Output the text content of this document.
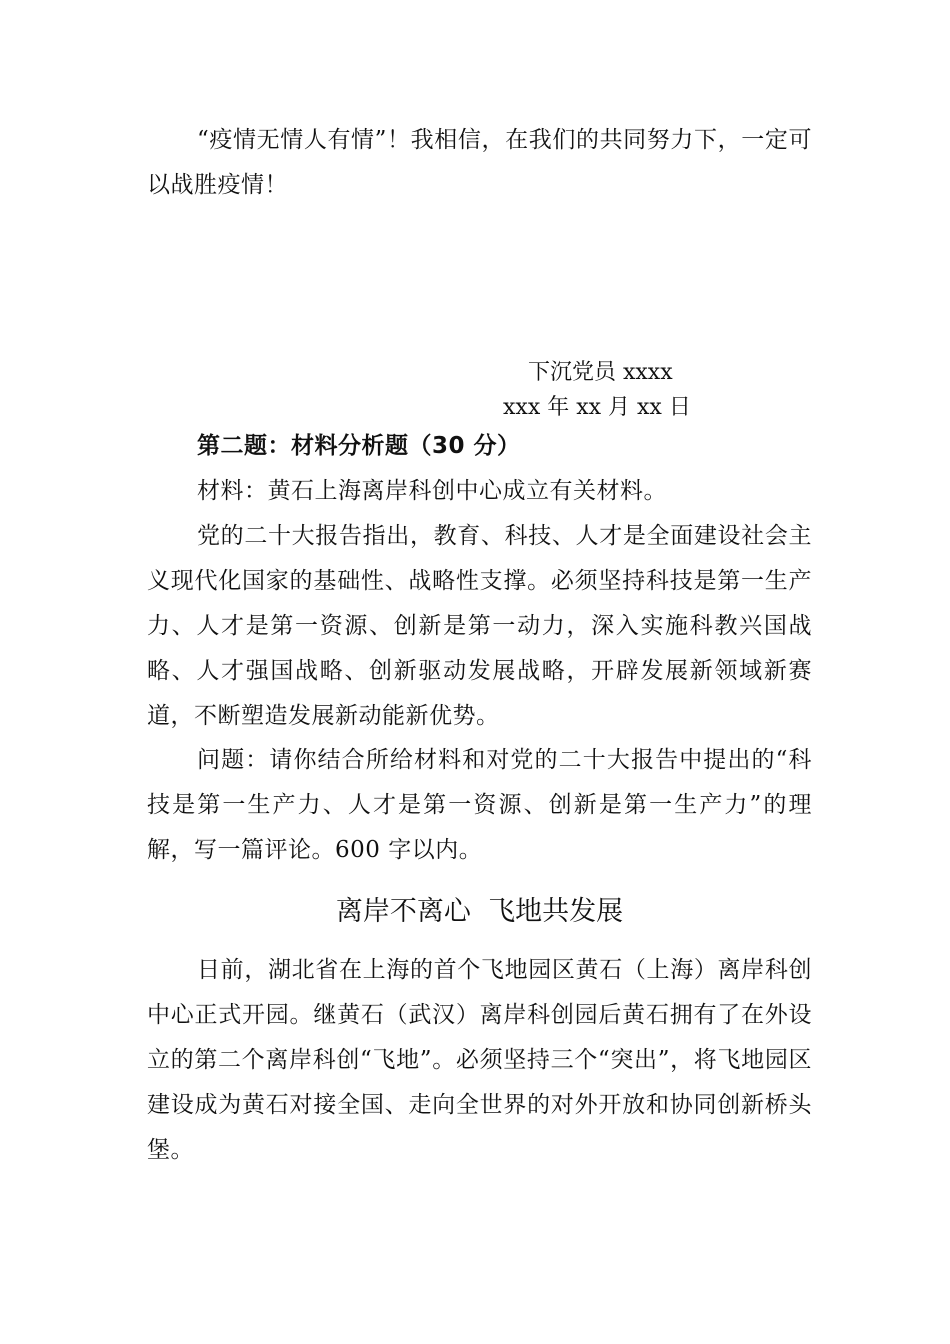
“疫情无情人有情”！我相信，在我们的共同努力下，一定可以战胜疫情！

下沉党员 xxxx
xxx 年 xx 月 xx 日
第二题：材料分析题（30 分）

材料：黄石上海离岸科创中心成立有关材料。

党的二十大报告指出，教育、科技、人才是全面建设社会主义现代化国家的基础性、战略性支撑。必须坚持科技是第一生产力、人才是第一资源、创新是第一动力，深入实施科教兴国战略、人才强国战略、创新驱动发展战略，开辟发展新领域新赛道，不断塑造发展新动能新优势。

问题：请你结合所给材料和对党的二十大报告中提出的“科技是第一生产力、人才是第一资源、创新是第一生产力”的理解，写一篇评论。600 字以内。

离岸不离心  飞地共发展

日前，湖北省在上海的首个飞地园区黄石（上海）离岸科创中心正式开园。继黄石（武汉）离岸科创园后黄石拥有了在外设立的第二个离岸科创“飞地”。必须坚持三个“突出”，将飞地园区建设成为黄石对接全国、走向全世界的对外开放和协同创新桥头堡。
